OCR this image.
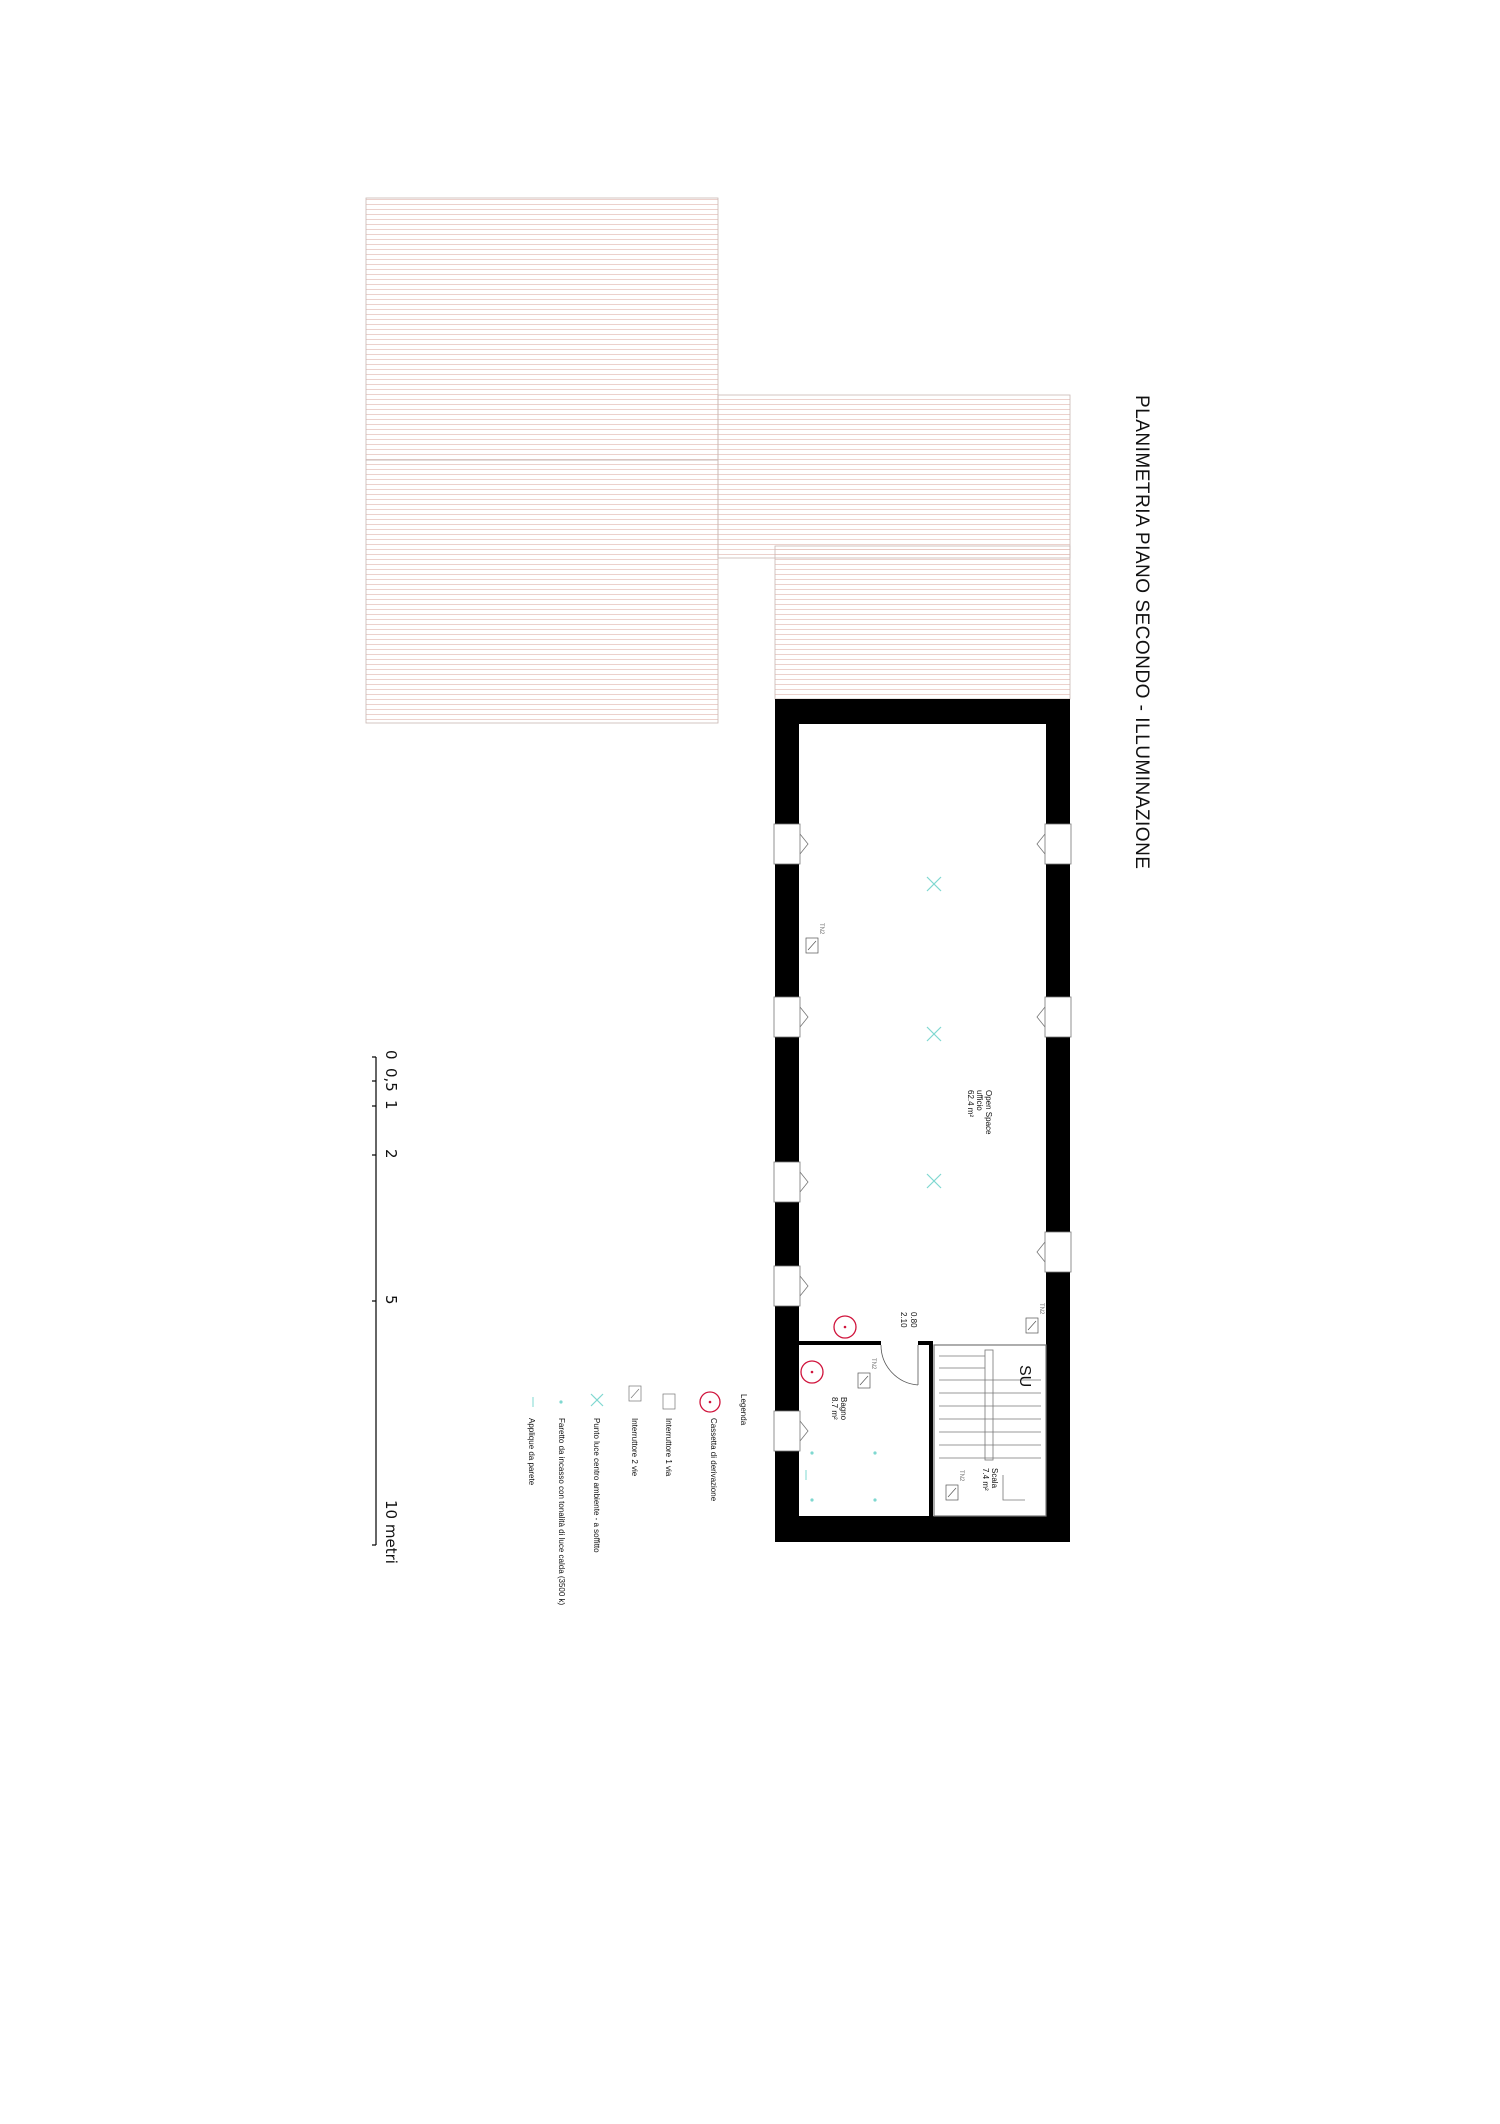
PLANIMETRIA PIANO SECONDO - ILLUMINAZIONE
Open Space
ufficio
62.4 m²
Bagno
8.7 m²
Scala
7.4 m²
0.80
2.10
SU
TN2
TN2
TN2
TN2
Legenda
Cassetta di derivazione
Interruttore 1 via
Interruttore 2 vie
Punto luce centro ambiente - a soffitto
Faretto da incasso con tonalità di luce calda (3500 k)
Applique da parete
0
0,5
1
2
5
10 metri
